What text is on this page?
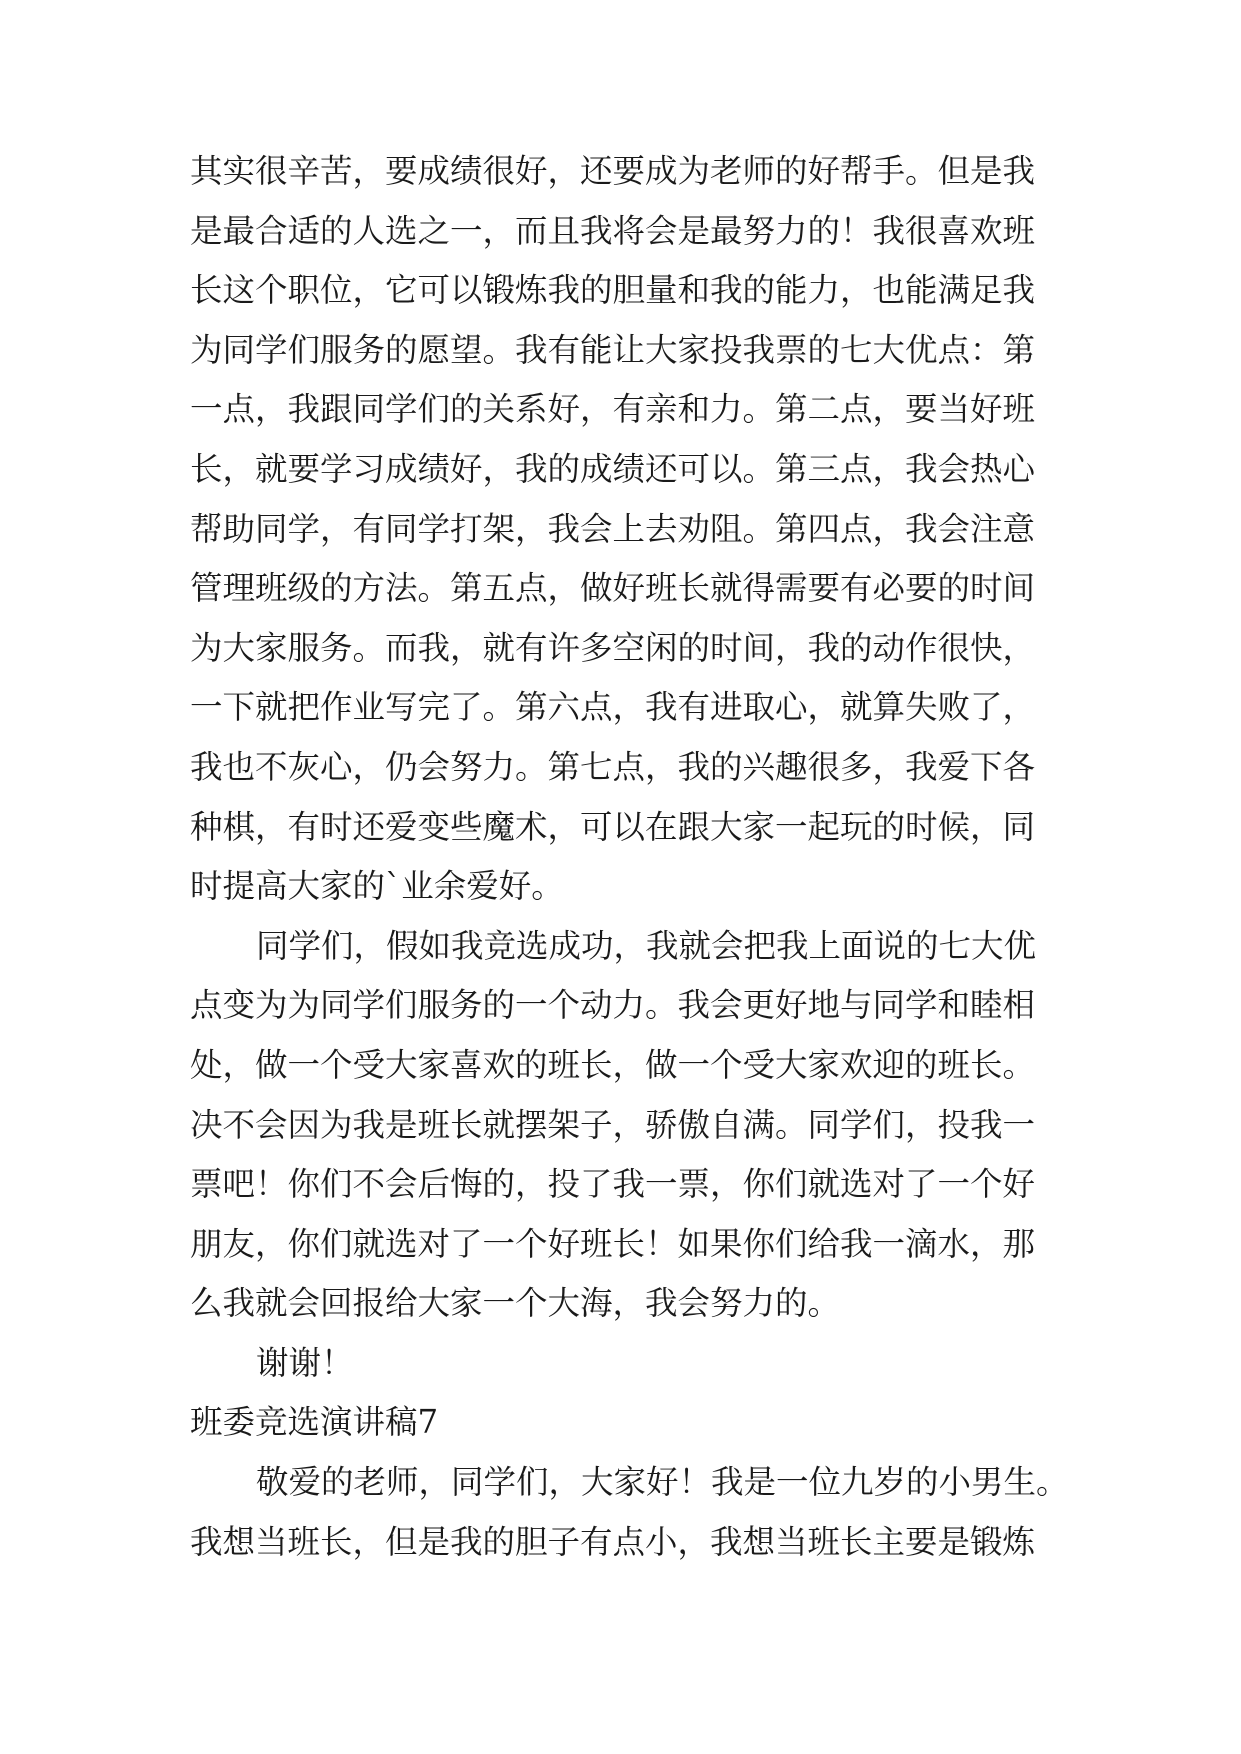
其实很辛苦，要成绩很好，还要成为老师的好帮手。但是我
是最合适的人选之一，而且我将会是最努力的！我很喜欢班
长这个职位，它可以锻炼我的胆量和我的能力，也能满足我
为同学们服务的愿望。我有能让大家投我票的七大优点：第
一点，我跟同学们的关系好，有亲和力。第二点，要当好班
长，就要学习成绩好，我的成绩还可以。第三点，我会热心
帮助同学，有同学打架，我会上去劝阻。第四点，我会注意
管理班级的方法。第五点，做好班长就得需要有必要的时间
为大家服务。而我，就有许多空闲的时间，我的动作很快，
一下就把作业写完了。第六点，我有进取心，就算失败了，
我也不灰心，仍会努力。第七点，我的兴趣很多，我爱下各
种棋，有时还爱变些魔术，可以在跟大家一起玩的时候，同
时提高大家的`业余爱好。
同学们，假如我竞选成功，我就会把我上面说的七大优
点变为为同学们服务的一个动力。我会更好地与同学和睦相
处，做一个受大家喜欢的班长，做一个受大家欢迎的班长。
决不会因为我是班长就摆架子，骄傲自满。同学们，投我一
票吧！你们不会后悔的，投了我一票，你们就选对了一个好
朋友，你们就选对了一个好班长！如果你们给我一滴水，那
么我就会回报给大家一个大海，我会努力的。
谢谢！
班委竞选演讲稿7
敬爱的老师，同学们，大家好！我是一位九岁的小男生。
我想当班长，但是我的胆子有点小，我想当班长主要是锻炼
